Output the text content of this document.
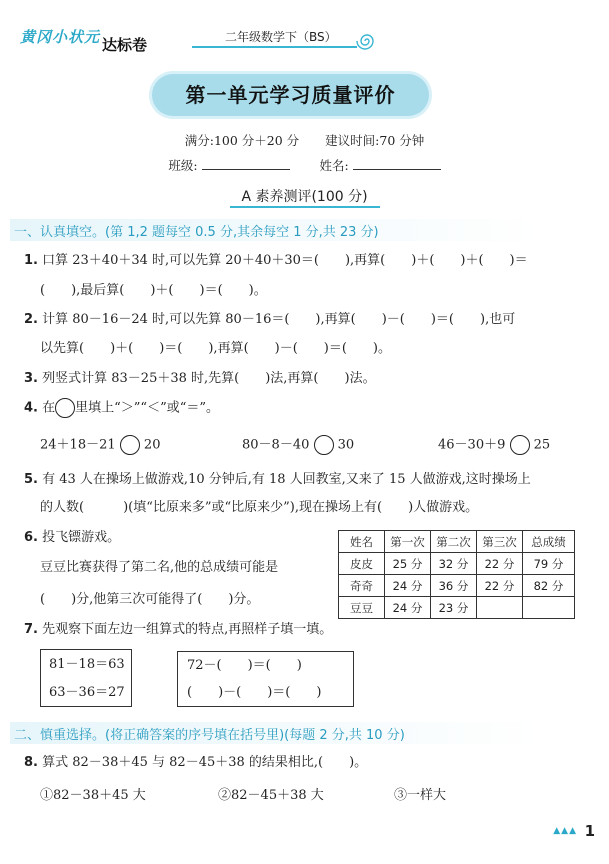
黄冈小状元 达标卷	二年级数学下（BS）
第一单元学习质量评价
满分:100 分＋20 分 建议时间:70 分钟
班级:	姓名:
A 素养测评(100 分)
一、认真填空。(第 1,2 题每空 0.5 分,其余每空 1 分,共 23 分)
1. 口算 23＋40＋34 时,可以先算 20＋40＋30＝(　　),再算(　　)＋(　　)＋(　　)＝
(　　),最后算(　　)＋(　　)＝(　　)。
2. 计算 80－16－24 时,可以先算 80－16＝(　　),再算(　　)－(　　)＝(　　),也可
以先算(　　)＋(　　)＝(　　),再算(　　)－(　　)＝(　　)。
3. 列竖式计算 83－25＋38 时,先算(　　)法,再算(　　)法。
4. 在 里填上“＞”“＜”或“＝”。
24＋18－21 20	80－8－40 30	46－30＋9 25
5. 有 43 人在操场上做游戏,10 分钟后,有 18 人回教室,又来了 15 人做游戏,这时操场上
的人数(　　　)(填“比原来多”或“比原来少”),现在操场上有(　　)人做游戏。
6. 投飞镖游戏。
豆豆比赛获得了第二名,他的总成绩可能是
(　　)分,他第三次可能得了(　　)分。
姓名	第一次	第二次	第三次	总成绩
皮皮	25 分	32 分	22 分	79 分
奇奇	24 分	36 分	22 分	82 分
豆豆	24 分	23 分		
7. 先观察下面左边一组算式的特点,再照样子填一填。
81－18＝63
63－36＝27
72－(　　)＝(　　)
(　　)－(　　)＝(　　)
二、慎重选择。(将正确答案的序号填在括号里)(每题 2 分,共 10 分)
8. 算式 82－38＋45 与 82－45＋38 的结果相比,(　　)。
①82－38＋45 大	②82－45＋38 大	③一样大
▲▲▲ 1
